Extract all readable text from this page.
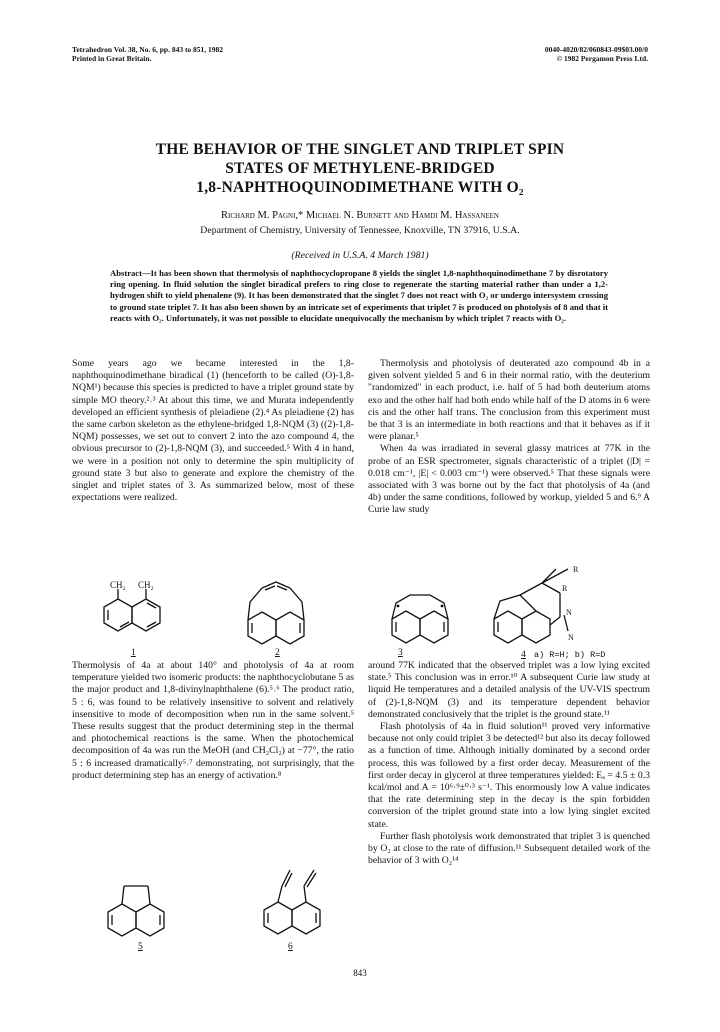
Tetrahedron Vol. 38, No. 6, pp. 843 to 851, 1982
Printed in Great Britain.
0040-4020/82/060843-09$03.00/0
© 1982 Pergamon Press Ltd.
THE BEHAVIOR OF THE SINGLET AND TRIPLET SPIN
STATES OF METHYLENE-BRIDGED
1,8-NAPHTHOQUINODIMETHANE WITH O₂
Richard M. Pagni,* Michael N. Burnett and Hamdi M. Hassaneen
Department of Chemistry, University of Tennessee, Knoxville, TN 37916, U.S.A.
(Received in U.S.A. 4 March 1981)
Abstract—It has been shown that thermolysis of naphthocyclopropane 8 yields the singlet 1,8-naphthoquinodimethane 7 by disrotatory ring opening. In fluid solution the singlet biradical prefers to ring close to regenerate the starting material rather than under a 1,2-hydrogen shift to yield phenalene (9). It has been demonstrated that the singlet 7 does not react with O₂ or undergo intersystem crossing to ground state triplet 7. It has also been shown by an intricate set of experiments that triplet 7 is produced on photolysis of 8 and that it reacts with O₂. Unfortunately, it was not possible to elucidate unequivocally the mechanism by which triplet 7 reacts with O₂.

Some years ago we became interested in the 1,8-naphthoquinodimethane biradical (1) (henceforth to be called (O)-1,8-NQM¹) because this species is predicted to have a triplet ground state by simple MO theory.²˒³ At about this time, we and Murata independently developed an efficient synthesis of pleiadiene (2).⁴ As pleiadiene (2) has the same carbon skeleton as the ethylene-bridged 1,8-NQM (3) ((2)-1,8-NQM) possesses, we set out to convert 2 into the azo compound 4, the obvious precursor to (2)-1,8-NQM (3), and succeeded.⁵ With 4 in hand, we were in a position not only to determine the spin multiplicity of ground state 3 but also to generate and explore the chemistry of the singlet and triplet states of 3. As summarized below, most of these expectations were realized.

Thermolysis and photolysis of deuterated azo compound 4b in a given solvent yielded 5 and 6 in their normal ratio, with the deuterium "randomized" in each product, i.e. half of 5 had both deuterium atoms exo and the other half had both endo while half of the D atoms in 6 were cis and the other half trans. The conclusion from this experiment must be that 3 is an intermediate in both reactions and that it behaves as if it were planar.⁵

When 4a was irradiated in several glassy matrices at 77K in the probe of an ESR spectrometer, signals characteristic of a triplet (|D| = 0.018 cm⁻¹, |E| < 0.003 cm⁻¹) were observed.⁵ That these signals were associated with 3 was borne out by the fact that photolysis of 4a (and 4b) under the same conditions, followed by workup, yielded 5 and 6.⁹ A Curie law study

CH₂ CH₂
1	2	3
R
R
N
N
4 a) R=H; b) R=D

Thermolysis of 4a at about 140° and photolysis of 4a at room temperature yielded two isomeric products: the naphthocyclobutane 5 as the major product and 1,8-divinylnaphthalene (6).⁵˒⁶ The product ratio, 5 : 6, was found to be relatively insensitive to solvent and relatively insensitive to mode of decomposition when run in the same solvent.⁵ These results suggest that the product determining step in the thermal and photochemical reactions is the same. When the photochemical decomposition of 4a was run the MeOH (and CH₂Cl₂) at −77°, the ratio 5 : 6 increased dramatically⁵˒⁷ demonstrating, not surprisingly, that the product determining step has an energy of activation.⁸

around 77K indicated that the observed triplet was a low lying excited state.⁵ This conclusion was in error.¹⁰ A subsequent Curie law study at liquid He temperatures and a detailed analysis of the UV-VIS spectrum of (2)-1,8-NQM (3) and its temperature dependent behavior demonstrated conclusively that the triplet is the ground state.¹¹

Flash photolysis of 4a in fluid solution¹¹ proved very informative because not only could triplet 3 be detected¹² but also its decay followed as a function of time. Although initially dominated by a second order process, this was followed by a first order decay. Measurement of the first order decay in glycerol at three temperatures yielded: Eₐ = 4.5 ± 0.3 kcal/mol and A = 10⁶·⁹±⁰·³ s⁻¹. This enormously low A value indicates that the rate determining step in the decay is the spin forbidden conversion of the triplet ground state into a low lying singlet excited state.

Further flash photolysis work demonstrated that triplet 3 is quenched by O₂ at close to the rate of diffusion.¹¹ Subsequent detailed work of the behavior of 3 with O₂¹⁴

5	6
843
